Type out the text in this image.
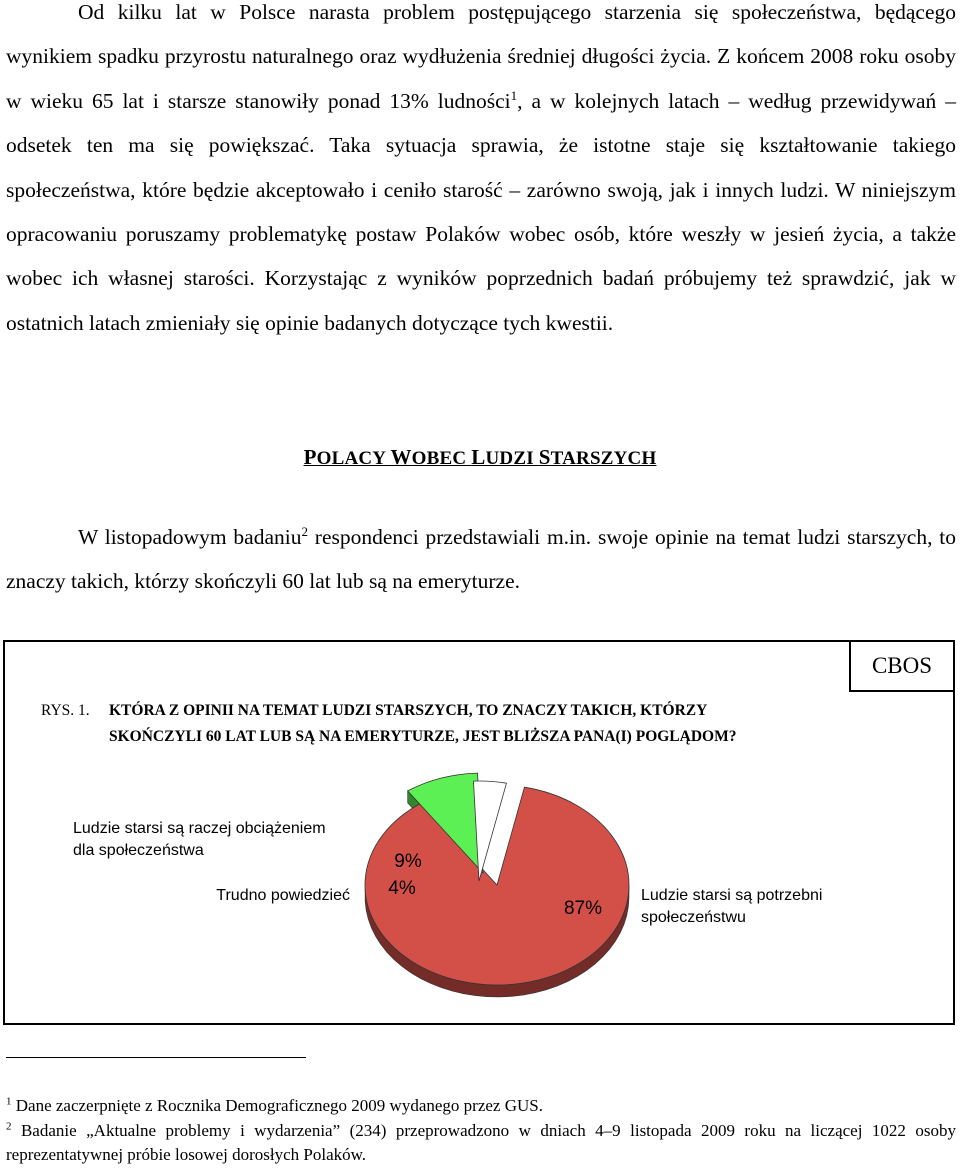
Od kilku lat w Polsce narasta problem postępującego starzenia się społeczeństwa, będącego wynikiem spadku przyrostu naturalnego oraz wydłużenia średniej długości życia. Z końcem 2008 roku osoby w wieku 65 lat i starsze stanowiły ponad 13% ludności$^1$, a w kolejnych latach – według przewidywań – odsetek ten ma się powiększać. Taka sytuacja sprawia, że istotne staje się kształtowanie takiego społeczeństwa, które będzie akceptowało i ceniło starość – zarówno swoją, jak i innych ludzi. W niniejszym opracowaniu poruszamy problematykę postaw Polaków wobec osób, które weszły w jesień życia, a także wobec ich własnej starości. Korzystając z wyników poprzednich badań próbujemy też sprawdzić, jak w ostatnich latach zmieniały się opinie badanych dotyczące tych kwestii.

POLACY WOBEC LUDZI STARSZYCH

W listopadowym badaniu$^2$ respondenci przedstawiali m.in. swoje opinie na temat ludzi starszych, to znaczy takich, którzy skończyli 60 lat lub są na emeryturze.

CBOS
RYS. 1. KTÓRA Z OPINII NA TEMAT LUDZI STARSZYCH, TO ZNACZY TAKICH, KTÓRZY
SKOŃCZYLI 60 LAT LUB SĄ NA EMERYTURZE, JEST BLIŻSZA PANA(I) POGLĄDOM?
87%
9%
4%	Ludzie starsi są potrzebni
społeczeństwu
Ludzie starsi są raczej obciążeniem
dla społeczeństwa
Trudno powiedzieć

$^1$ Dane zaczerpnięte z Rocznika Demograficznego 2009 wydanego przez GUS.

$^2$ Badanie „Aktualne problemy i wydarzenia” (234) przeprowadzono w dniach 4–9 listopada 2009 roku na liczącej 1022 osoby reprezentatywnej próbie losowej dorosłych Polaków.
